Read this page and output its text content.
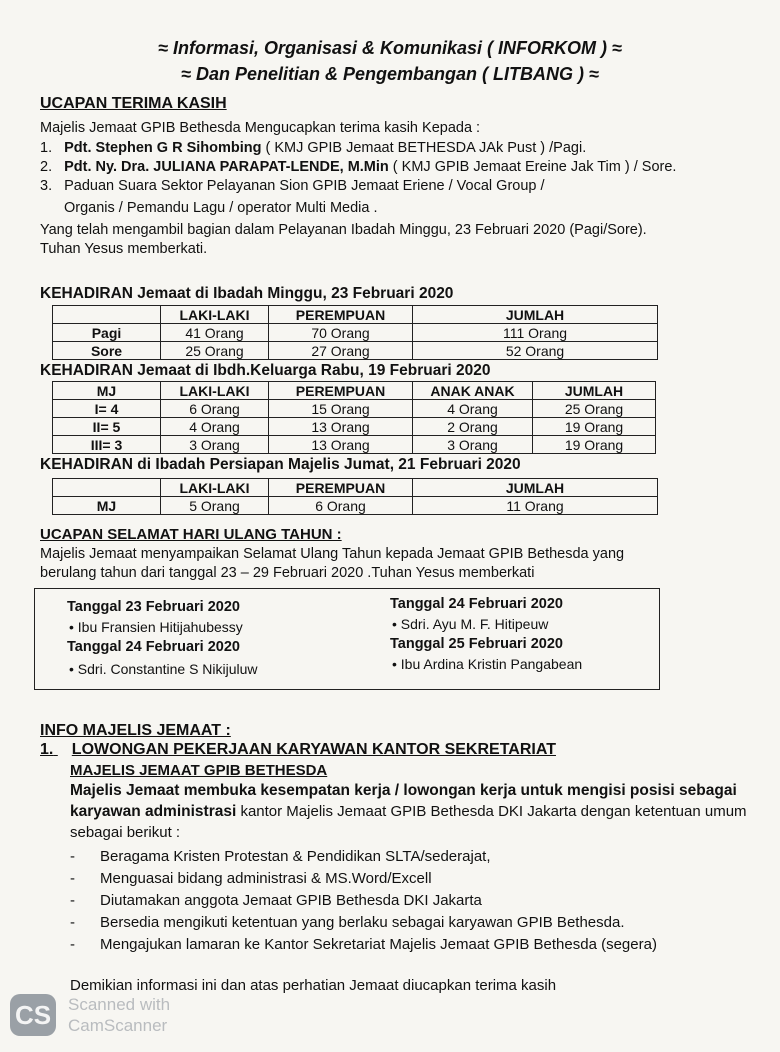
≈ Informasi, Organisasi & Komunikasi ( INFORKOM ) ≈
≈ Dan Penelitian & Pengembangan ( LITBANG ) ≈
UCAPAN TERIMA KASIH
Majelis Jemaat GPIB Bethesda Mengucapkan terima kasih Kepada :
1. Pdt. Stephen G R Sihombing ( KMJ GPIB Jemaat BETHESDA JAk Pust ) /Pagi.
2. Pdt. Ny. Dra. JULIANA PARAPAT-LENDE, M.Min ( KMJ GPIB Jemaat Ereine Jak Tim ) / Sore.
3. Paduan Suara Sektor Pelayanan Sion GPIB Jemaat Eriene / Vocal Group /
Organis / Pemandu Lagu / operator Multi Media .
Yang telah mengambil bagian dalam Pelayanan Ibadah Minggu, 23 Februari 2020 (Pagi/Sore).
Tuhan Yesus memberkati.
KEHADIRAN Jemaat di Ibadah Minggu, 23 Februari 2020
	LAKI-LAKI	PEREMPUAN	JUMLAH
Pagi	41 Orang	70 Orang	111 Orang
Sore	25 Orang	27 Orang	52 Orang
KEHADIRAN Jemaat di Ibdh.Keluarga Rabu, 19 Februari 2020
MJ	LAKI-LAKI	PEREMPUAN	ANAK ANAK	JUMLAH
I= 4	6 Orang	15 Orang	4 Orang	25 Orang
II= 5	4 Orang	13 Orang	2 Orang	19 Orang
III= 3	3 Orang	13 Orang	3 Orang	19 Orang
KEHADIRAN di Ibadah Persiapan Majelis Jumat, 21 Februari 2020
	LAKI-LAKI	PEREMPUAN	JUMLAH
MJ	5 Orang	6 Orang	11 Orang
UCAPAN SELAMAT HARI ULANG TAHUN :
Majelis Jemaat menyampaikan Selamat Ulang Tahun kepada Jemaat GPIB Bethesda yang
berulang tahun dari tanggal 23 – 29 Februari 2020 .Tuhan Yesus memberkati
Tanggal 23 Februari 2020
• Ibu Fransien Hitijahubessy
Tanggal 24 Februari 2020
• Sdri. Constantine S Nikijuluw
Tanggal 24 Februari 2020
• Sdri. Ayu M. F. Hitipeuw
Tanggal 25 Februari 2020
• Ibu Ardina Kristin Pangabean
INFO MAJELIS JEMAAT :
1. LOWONGAN PEKERJAAN KARYAWAN KANTOR SEKRETARIAT
MAJELIS JEMAAT GPIB BETHESDA
Majelis Jemaat membuka kesempatan kerja / lowongan kerja untuk mengisi posisi sebagai karyawan administrasi kantor Majelis Jemaat GPIB Bethesda DKI Jakarta dengan ketentuan umum sebagai berikut :
-	Beragama Kristen Protestan & Pendidikan SLTA/sederajat,
-	Menguasai bidang administrasi & MS.Word/Excell
-	Diutamakan anggota Jemaat GPIB Bethesda DKI Jakarta
-	Bersedia mengikuti ketentuan yang berlaku sebagai karyawan GPIB Bethesda.
-	Mengajukan lamaran ke Kantor Sekretariat Majelis Jemaat GPIB Bethesda (segera)
Demikian informasi ini dan atas perhatian Jemaat diucapkan terima kasih
CS Scanned with
CamScanner
